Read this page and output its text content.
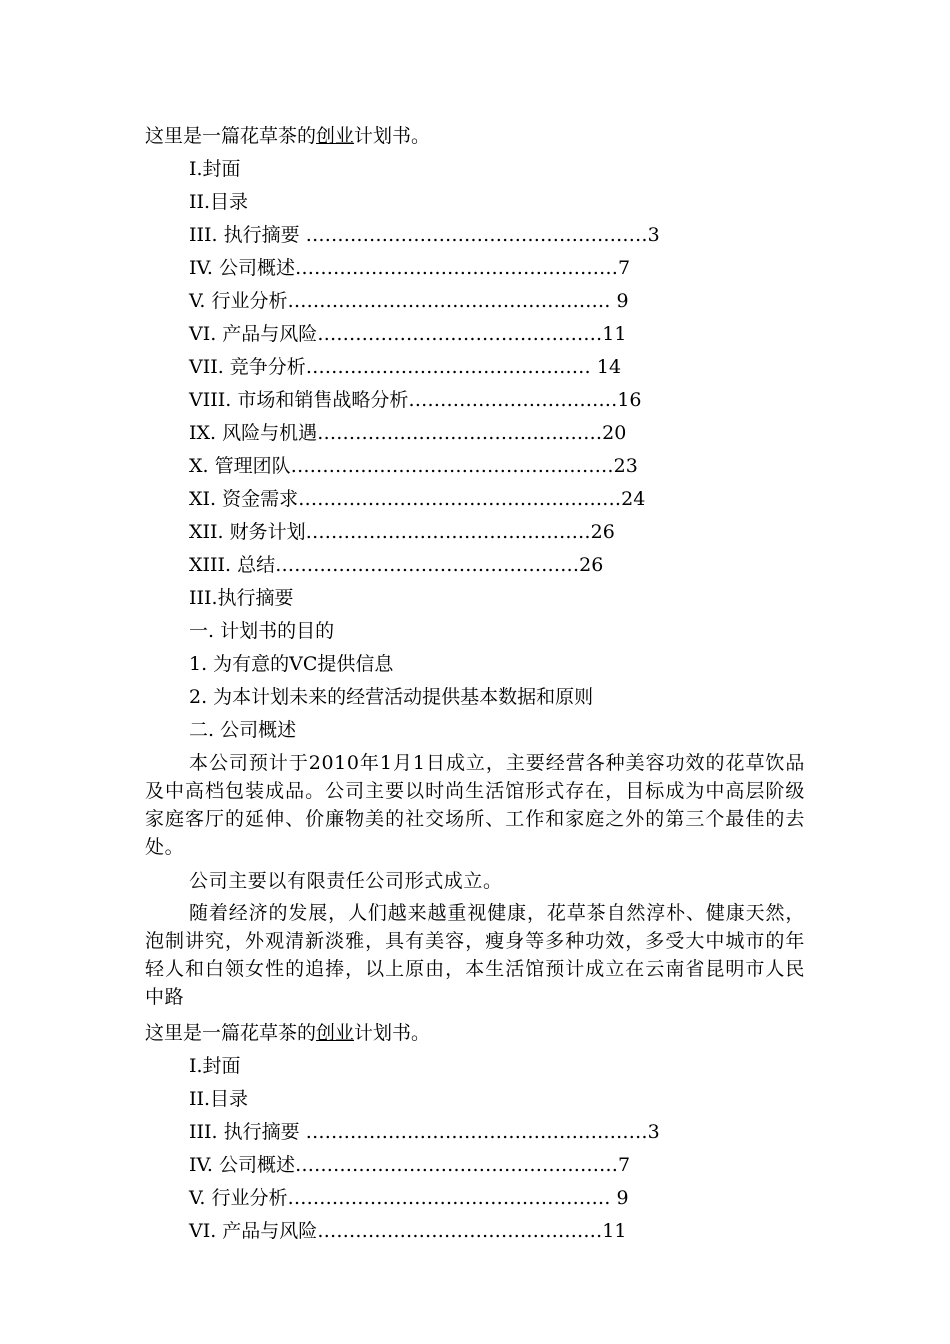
这里是一篇花草茶的创业计划书。
I.封面
II.目录
III. 执行摘要 ………………………………………………3
IV. 公司概述……………………………………………7
V. 行业分析…………………………………………… 9
VI. 产品与风险………………………………………11
VII. 竞争分析……………………………………… 14
VIII. 市场和销售战略分析……………………………16
IX. 风险与机遇………………………………………20
X. 管理团队……………………………………………23
XI. 资金需求……………………………………………24
XII. 财务计划………………………………………26
XIII. 总结…………………………………………26
III.执行摘要
一. 计划书的目的
1. 为有意的VC提供信息
2. 为本计划未来的经营活动提供基本数据和原则
二. 公司概述

本公司预计于2010年1月1日成立，主要经营各种美容功效的花草饮品及中高档包装成品。公司主要以时尚生活馆形式存在，目标成为中高层阶级家庭客厅的延伸、价廉物美的社交场所、工作和家庭之外的第三个最佳的去处。

公司主要以有限责任公司形式成立。

随着经济的发展，人们越来越重视健康，花草茶自然淳朴、健康天然，泡制讲究，外观清新淡雅，具有美容，瘦身等多种功效，多受大中城市的年轻人和白领女性的追捧，以上原由，本生活馆预计成立在云南省昆明市人民中路

这里是一篇花草茶的创业计划书。
I.封面
II.目录
III. 执行摘要 ………………………………………………3
IV. 公司概述……………………………………………7
V. 行业分析…………………………………………… 9
VI. 产品与风险………………………………………11
